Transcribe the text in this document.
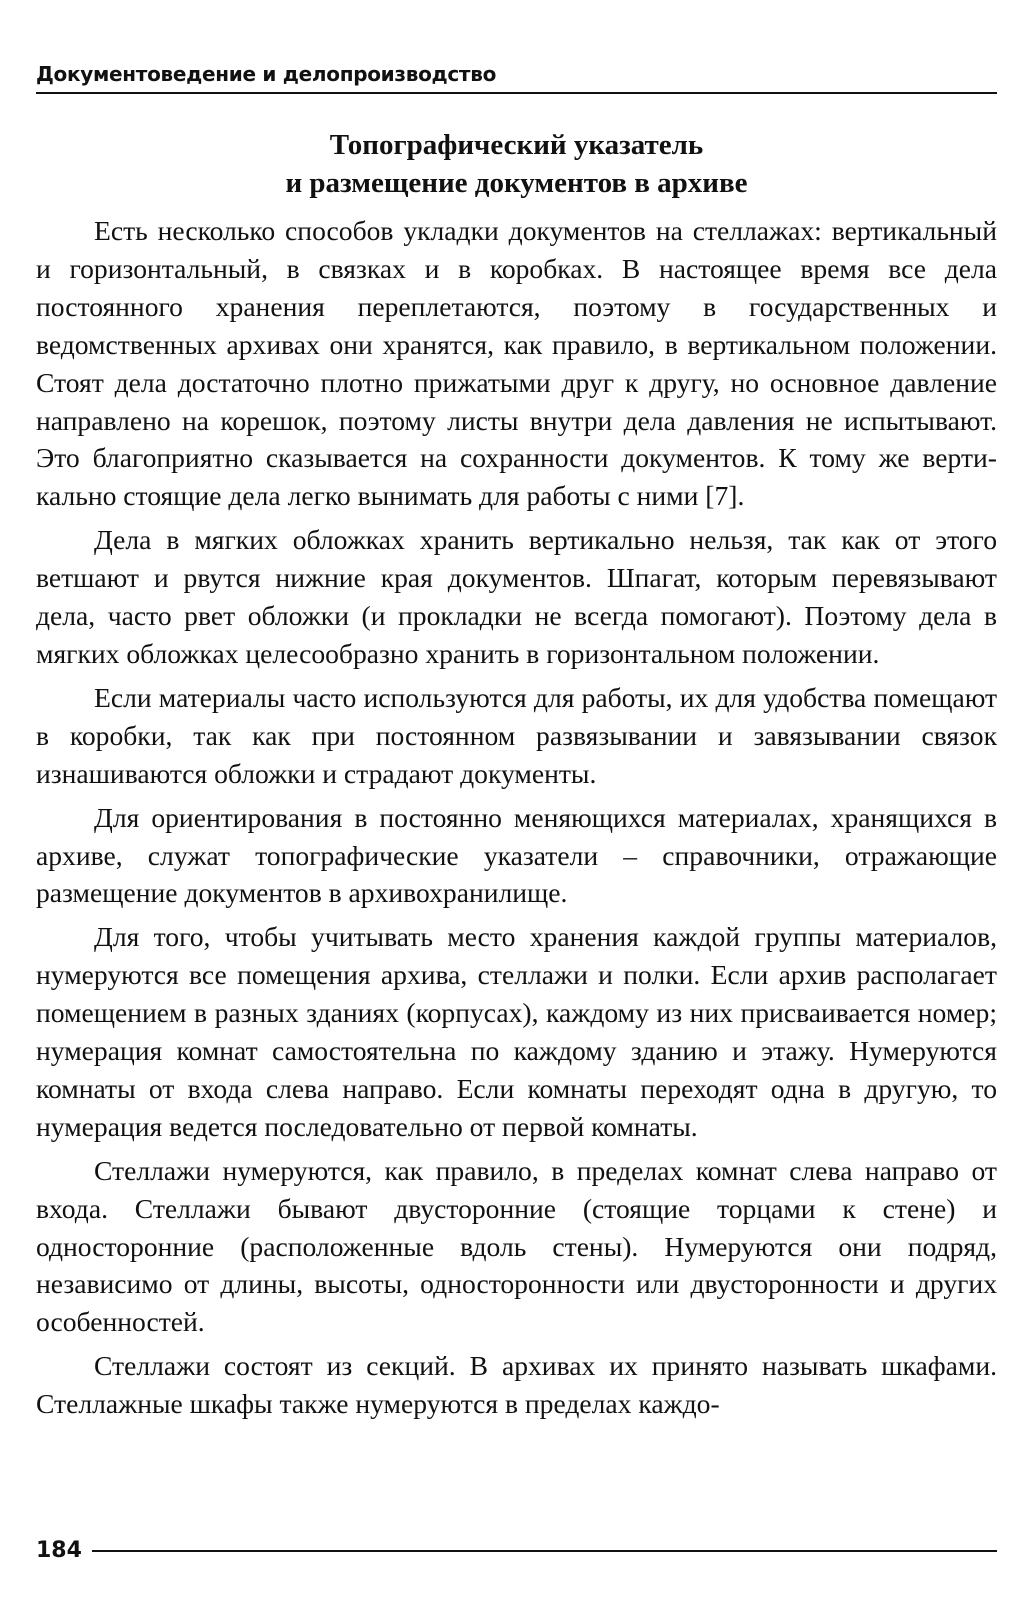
Документоведение и делопроизводство
Топографический указатель
и размещение документов в архиве

Есть несколько способов укладки документов на стеллажах: вертикальный и горизонтальный, в связках и в коробках. В настоящее время все дела постоянного хранения переплетаются, поэтому в государственных и ведомственных архивах они хранятся, как правило, в вертикальном положении. Стоят дела достаточно плотно прижатыми друг к другу, но основное давление направлено на корешок, поэтому листы внутри дела давления не испытывают. Это благоприятно сказывается на сохранности документов. К тому же вертикально стоящие дела легко вынимать для работы с ними [7].

Дела в мягких обложках хранить вертикально нельзя, так как от этого ветшают и рвутся нижние края документов. Шпагат, которым перевязывают дела, часто рвет обложки (и прокладки не всегда помогают). Поэтому дела в мягких обложках целесообразно хранить в горизонтальном положении.

Если материалы часто используются для работы, их для удобства помещают в коробки, так как при постоянном развязывании и завязывании связок изнашиваются обложки и страдают документы.

Для ориентирования в постоянно меняющихся материалах, хранящихся в архиве, служат топографические указатели – справочники, отражающие размещение документов в архивохранилище.

Для того, чтобы учитывать место хранения каждой группы материалов, нумеруются все помещения архива, стеллажи и полки. Если архив располагает помещением в разных зданиях (корпусах), каждому из них присваивается номер; нумерация комнат самостоятельна по каждому зданию и этажу. Нумеруются комнаты от входа слева направо. Если комнаты переходят одна в другую, то нумерация ведется последовательно от первой комнаты.

Стеллажи нумеруются, как правило, в пределах комнат слева направо от входа. Стеллажи бывают двусторонние (стоящие торцами к стене) и односторонние (расположенные вдоль стены). Нумеруются они подряд, независимо от длины, высоты, односторонности или двусторонности и других особенностей.

Стеллажи состоят из секций. В архивах их принято называть шкафами. Стеллажные шкафы также нумеруются в пределах каждо-

184
